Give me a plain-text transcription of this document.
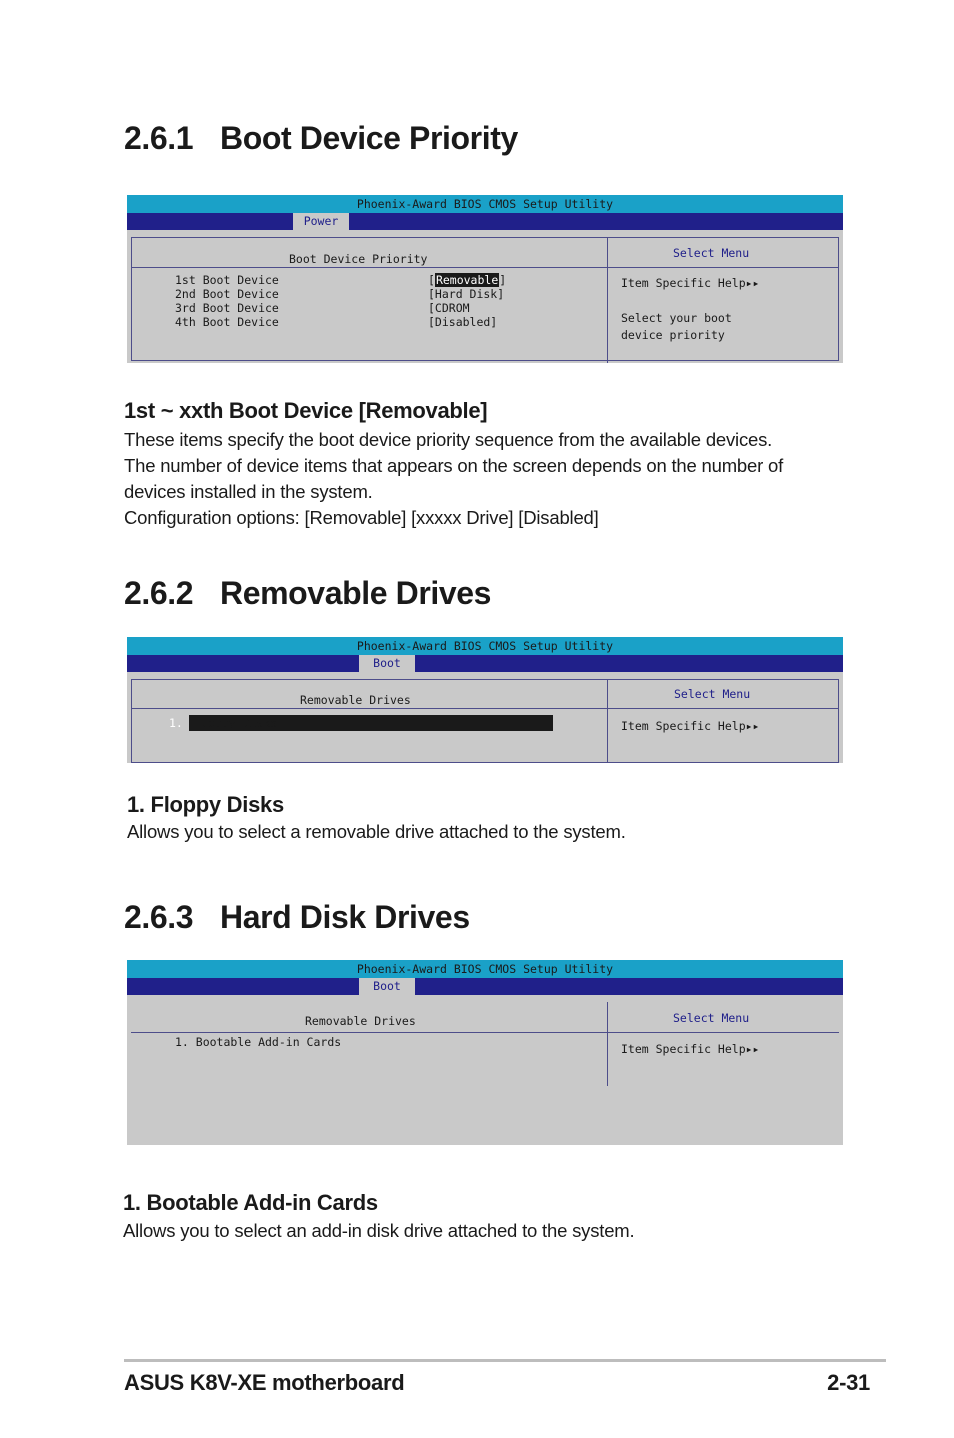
2.6.1 Boot Device Priority
Phoenix-Award BIOS CMOS Setup Utility
Power
Boot Device Priority	Select Menu
1st Boot Device	[Removable]
2nd Boot Device	[Hard Disk]
3rd Boot Device	[CDROM
4th Boot Device	[Disabled]
Item Specific Help▸▸
Select your boot
device priority
1st ~ xxth Boot Device [Removable]
These items specify the boot device priority sequence from the available devices.
The number of device items that appears on the screen depends on the number of
devices installed in the system.
Configuration options: [Removable] [xxxxx Drive] [Disabled]
2.6.2 Removable Drives
Phoenix-Award BIOS CMOS Setup Utility
Boot
Removable Drives	Select Menu
1. Floppy Disks	Item Specific Help▸▸
1. Floppy Disks
Allows you to select a removable drive attached to the system.
2.6.3 Hard Disk Drives
Phoenix-Award BIOS CMOS Setup Utility
Boot
Removable Drives	Select Menu
1. Bootable Add-in Cards	Item Specific Help▸▸
1. Bootable Add-in Cards
Allows you to select an add-in disk drive attached to the system.
ASUS K8V-XE motherboard	2-31
